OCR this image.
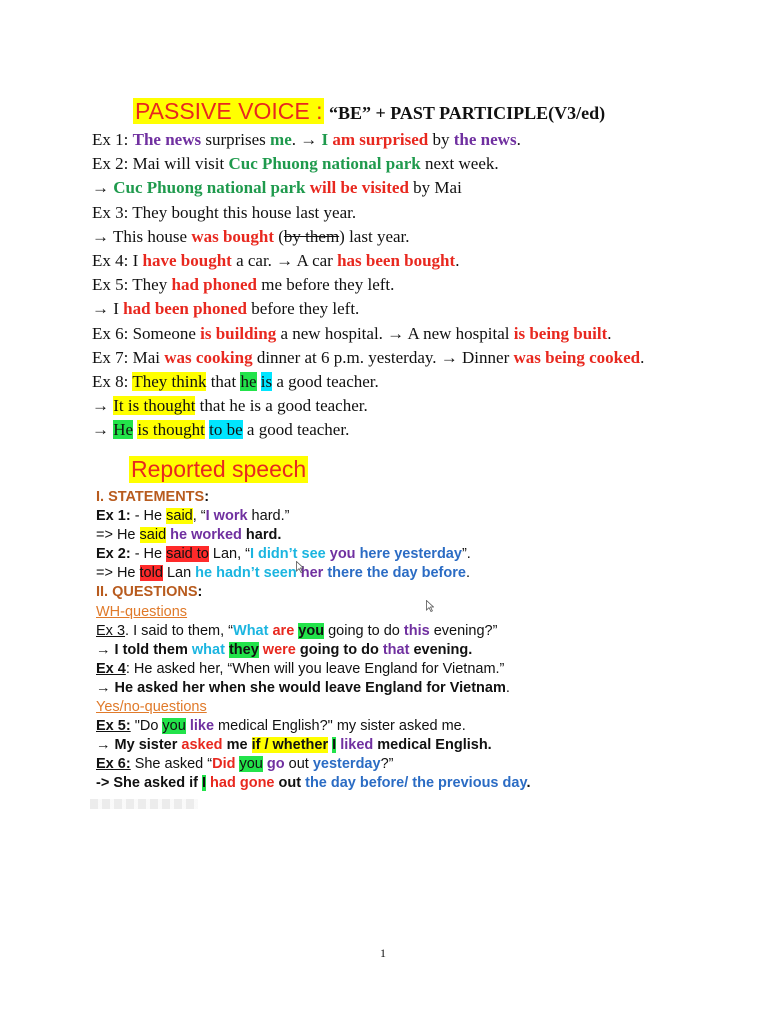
PASSIVE VOICE : “BE” + PAST PARTICIPLE(V3/ed)
Ex 1: The news surprises me. → I am surprised by the news.
Ex 2: Mai will visit Cuc Phuong national park next week.
→ Cuc Phuong national park will be visited by Mai
Ex 3: They bought this house last year.
→ This house was bought (by them) last year.
Ex 4: I have bought a car. → A car has been bought.
Ex 5: They had phoned me before they left.
→ I had been phoned before they left.
Ex 6: Someone is building a new hospital. → A new hospital is being built.
Ex 7: Mai was cooking dinner at 6 p.m. yesterday. → Dinner was being cooked.
Ex 8: They think that he is a good teacher.
→ It is thought that he is a good teacher.
→ He is thought to be a good teacher.
Reported speech
I. STATEMENTS:
Ex 1: - He said, “I work hard.”
=> He said he worked hard.
Ex 2: - He said to Lan, “I didn’t see you here yesterday”.
=> He told Lan he hadn’t seen her there the day before.
II. QUESTIONS:
WH-questions
Ex 3. I said to them, “What are you going to do this evening?”
→ I told them what they were going to do that evening.
Ex 4: He asked her, “When will you leave England for Vietnam.”
→ He asked her when she would leave England for Vietnam.
Yes/no-questions
Ex 5: "Do you like medical English?" my sister asked me.
→ My sister asked me if / whether I liked medical English.
Ex 6: She asked “Did you go out yesterday?”
-> She asked if I had gone out the day before/ the previous day.
1
